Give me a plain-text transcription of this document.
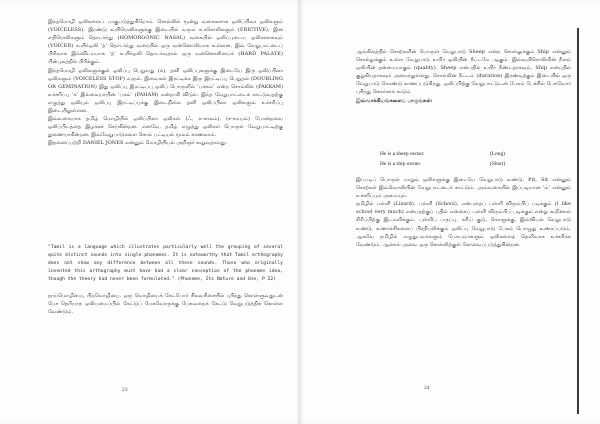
இந்தமொழி ஒலிகளைப் பாகுபடுத்துகிறோம். சொல்லில் மூன்று வகைகளாக ஒலிப்பிலா ஒலிகளும் (VOICELESS), இரண்டு உயிரொலிகளுக்கு இடையில் வரும் உரசொலிகளும் (FRICTIVE), இன எதிரொலிகளும் தொடர்ந்து (HOMORGONIC NASAL) வகையில் ஒலிப்புடைய ஒலிகளாகவும் (VOICED) உயிர்ஒலி 'த்' தொடர்ந்து வரையில் ஒரு வன்னொலியாக உள்ளன. இவ் வேறுபாட்டைப் பிரிவாக இவ்விடயமாக 'த்' உயிர்ஒலி தொடர்வதால் ஒரு வன்னொலியைக் (HARD PALATE) பின்புலத்தில் பிரிக்கும்.

இந்தமொழி ஒலிகளுக்குள் ஒலிப்பு பெறுவது (க்), தனி ஒலிப்புகளுக்கு இடையே இரு ஒலிப்பிலா ஒலிகளும் (VOICELESS STOP) வரும். இவைகள் இரட்டிக்க இரு இரட்டிப்பு பெறுதல் (DOUBLING OR GEMINATION) இது ஒலிப்பு இரட்டிப்பு ஒலிப் பொருளில் 'பக்கம்' என்ற சொல்லில் (PAKKAM) உச்சரிப்பு 'க்' இல்லையாயின் 'பகம்' (PAHAM) என்றாகி விடும். இந்த வேறுபாட்டைக் காட்டுவதற்கு எழுத்து ஒலியும் ஒலிப்பு இரட்டிப்புக்கு இடைநிலை தனி ஒலிப்பிலா ஒலிகளும் உச்சரிப்பு இடையிலுள்ளன.

இவ்வகையாக தமிழ் மொழியில் ஒலிப்பிலா ஒலிகள் (ஃ, க-காலம்), (ச-சமயம்) போன்றவை ஒலிப்பிடத்தை இழக்கச் செய்கின்றன. எனவே, தமிழ் எழுத்து ஒலிகள் பொருள் வேறுபாட்டிற்கு துணையாகின்றன. இவ்வேறுபாடுகளை சொல் பட்டியல் மூலம் காணலாம்.

இதனைப்பற்றி DANIEL JONES என்னும் மொழியியல் அறிஞர் கூறுவதாவது:

"Tamil is a language which illustrates particularly well the grouping of several quite distinct sounds into single phonemes. It is noteworthy that Tamil orthography does not show any difference between all these sounds. Those who originally invented this orthography must have had a clear conception of the phoneme idea, though the theory had never been formulated." (Phoneme, Its Nature and Use, P 22)

தாய்மொழியை, பிறமொழியை, ஒரு மொழியைக் கேட்போர் சிலவரிசையில் புரிந்து கொள்ளுவதுடன் பேச தெரியாத ஒலியமைப்பில் கேட்டுப் பேசுவோருக்கு பேசுவதைக் கேட்டு வேறுபடுத்திக் கொள்ள வேண்டும்.

23

ஆங்கிலத்தில் சொற்களின் பொருள் வேறுபாடு Sheep என்ற சொல்லுக்கும் Ship என்னும் சொல்லுக்கும் உள்ள வேறுபாடு உயிர் ஒலியின் நீட்டமே ஆகும். இவ்வுயிரொலியின் நீளம் ஒலியின் தன்மையாகும் (quality). Sheep என்பதில் உயிர் நீண்டதாகவும், Ship என்பதில் குறுகியதாகவும் அமைந்துள்ளது. சொல்லின் நீட்டம் (duration) இரண்டிற்கும் இடையில் ஒரு வேறுபாடு கொண்டு காணப்படுகிறது. ஒலிப்பிற்கு வேறுபாட்டுடன் பேசும் பேச்சில் பேசுவோர் புரிந்து கொள்ளக் கூடும்.

இவ்வாக்கியங்களைப் பாருங்கள்:

He is a sheep owner.	(Long)
He is a ship owner.	(Short)

இப்படிப் பொருள் மாறும் ஒலிகளுக்கு இடையே வேறுபாடு உண்டு. Pit, Sit என்னும் சொற்கள் இவ்வொலியின் வேறுபாட்டைக் காட்டும். அவ்வகையில் இப்படியான 'ம்' என்னும் உச்சரிப்பும் அமையும்.

தமிழில் பள்ளி (Lizard), பள்ளி (School), என்பதைப் பள்ளி விரும்பிப் படிக்கும் (I like school very much) என்பதற்குப் பதில் என்கைப் பள்ளி விரும்பிப் படிக்கும் என்று கூறினால் சிரிப்பிற்கு இடமளிக்கும். பள்ளிப் பருப்பு, கரிய் குடு, கொளுக்கு, இவ்வியல் வேறுபாடு உண்டு. உணர்ச்சிகளைப் பிரதிபலிக்கும் ஒலிப்பு வேறுபாடு பேசும் பொழுது உணரப்படும். ஆகவே தமிழில் எழுதுபவர்களும் பேசுபவர்களும் ஒலிகளைத் தெளிவாக உச்சரிக்க வேண்டும். ஆனால் அவை ஒரு சொல்லிற்குள் கோவைப்படுத்துகின்றன.

24
